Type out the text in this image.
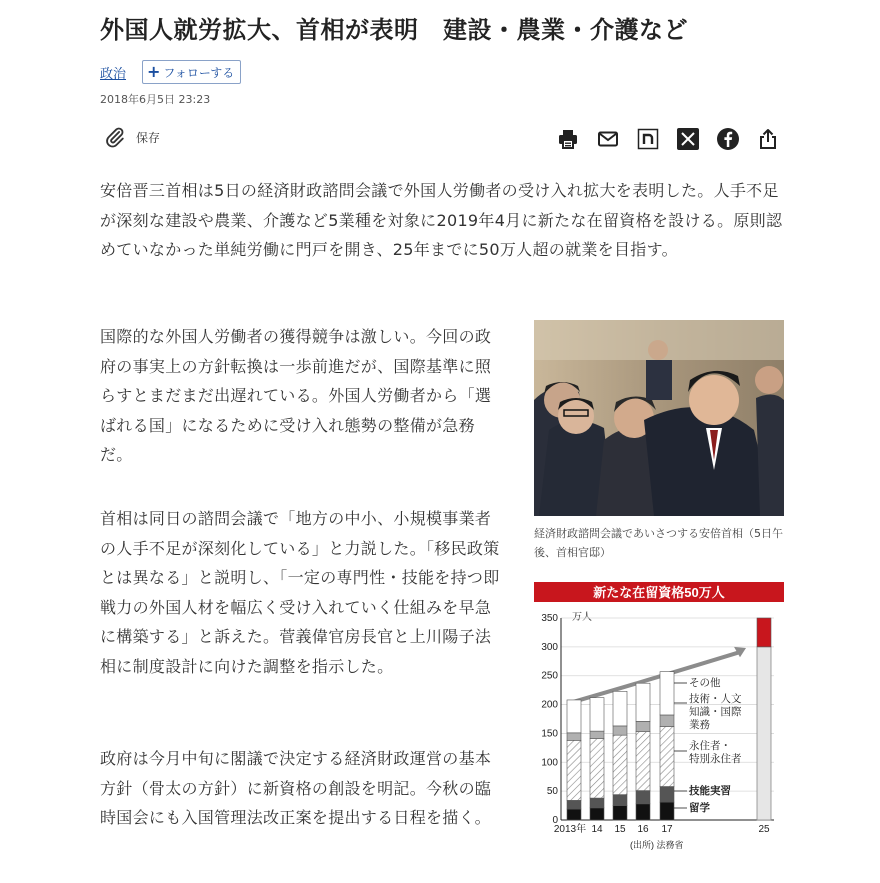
外国人就労拡大、首相が表明　建設・農業・介護など
政治 + フォローする
2018年6月5日 23:23
保存
安倍晋三首相は5日の経済財政諮問会議で外国人労働者の受け入れ拡大を表明した。人手不足が深刻な建設や農業、介護など5業種を対象に2019年4月に新たな在留資格を設ける。原則認めていなかった単純労働に門戸を開き、25年までに50万人超の就業を目指す。
国際的な外国人労働者の獲得競争は激しい。今回の政府の事実上の方針転換は一歩前進だが、国際基準に照らすとまだまだ出遅れている。外国人労働者から「選ばれる国」になるために受け入れ態勢の整備が急務だ。
首相は同日の諮問会議で「地方の中小、小規模事業者の人手不足が深刻化している」と力説した。「移民政策とは異なる」と説明し、「一定の専門性・技能を持つ即戦力の外国人材を幅広く受け入れていく仕組みを早急に構築する」と訴えた。菅義偉官房長官と上川陽子法相に制度設計に向けた調整を指示した。
政府は今月中旬に閣議で決定する経済財政運営の基本方針（骨太の方針）に新資格の創設を明記。今秋の臨時国会にも入国管理法改正案を提出する日程を描く。
経済財政諮問会議であいさつする安倍首相（5日午後、首相官邸）
新たな在留資格50万人
万人
(出所) 法務省
0
50
100
150
200
250
300
350
2013年 14 15 16 17	25
その他
技術・人文
知識・国際
業務
永住者・
特別永住者
技能実習
留学
